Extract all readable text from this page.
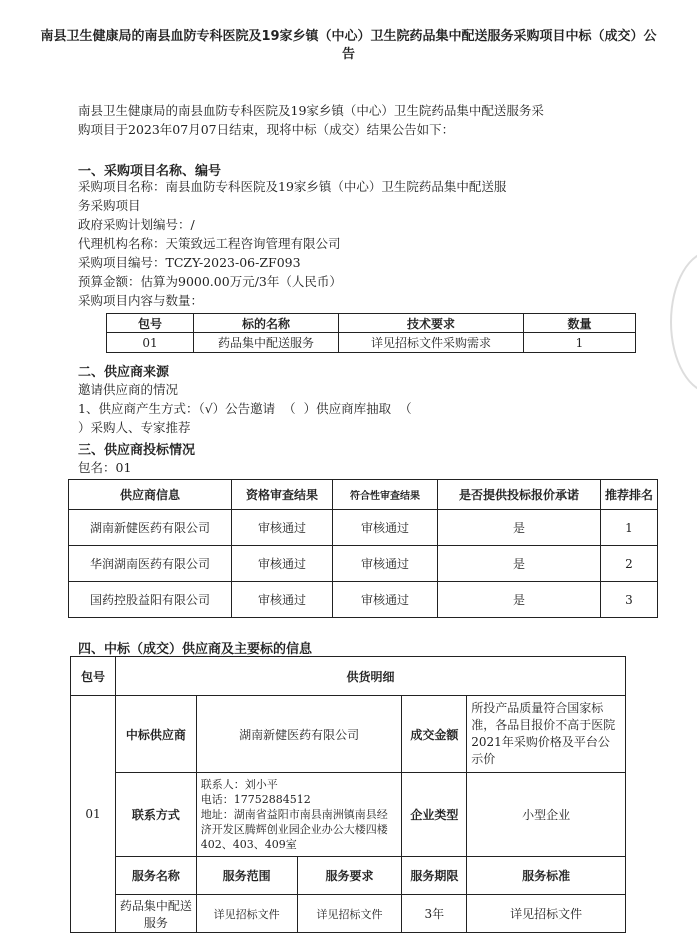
南县卫生健康局的南县血防专科医院及19家乡镇（中心）卫生院药品集中配送服务采购项目中标（成交）公告
南县卫生健康局的南县血防专科医院及19家乡镇（中心）卫生院药品集中配送服务采
购项目于2023年07月07日结束，现将中标（成交）结果公告如下：
一、采购项目名称、编号
采购项目名称：南县血防专科医院及19家乡镇（中心）卫生院药品集中配送服
务采购项目
政府采购计划编号：/
代理机构名称：天策致远工程咨询管理有限公司
采购项目编号：TCZY-2023-06-ZF093
预算金额：估算为9000.00万元/3年（人民币）
采购项目内容与数量：
包号	标的名称	技术要求	数量
01	药品集中配送服务	详见招标文件采购需求	1
二、供应商来源
邀请供应商的情况
1、供应商产生方式：（√）公告邀请 （ ）供应商库抽取 （
）采购人、专家推荐
三、供应商投标情况
包名：01
供应商信息	资格审查结果	符合性审查结果	是否提供投标报价承诺	推荐排名
湖南新健医药有限公司	审核通过	审核通过	是	1
华润湖南医药有限公司	审核通过	审核通过	是	2
国药控股益阳有限公司	审核通过	审核通过	是	3
四、中标（成交）供应商及主要标的信息
包号	供货明细				
01	中标供应商	湖南新健医药有限公司		成交金额	所投产品质量符合国家标准，各品目报价不高于医院2021年采购价格及平台公示价
	联系方式	联系人：刘小平
电话：17752884512
地址：湖南省益阳市南县南洲镇南县经济开发区腾辉创业园企业办公大楼四楼402、403、409室		企业类型	小型企业
	服务名称	服务范围	服务要求	服务期限	服务标准
	药品集中配送服务	详见招标文件	详见招标文件	3年	详见招标文件
